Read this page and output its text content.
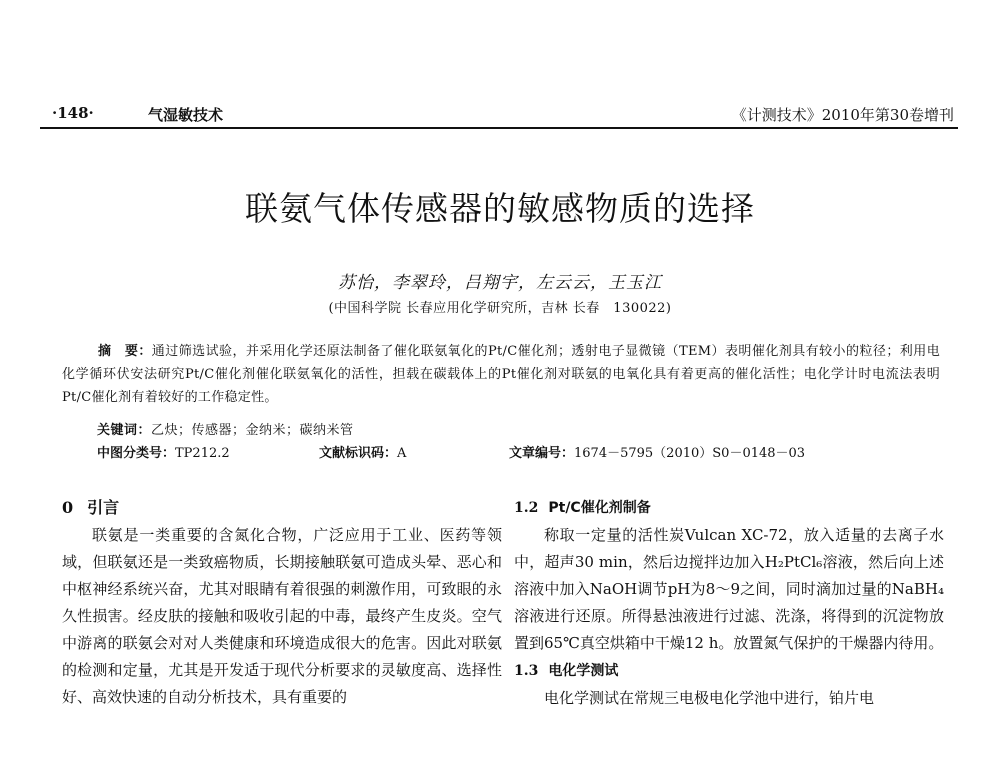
·148·	气湿敏技术	《计测技术》2010年第30卷增刊
联氨气体传感器的敏感物质的选择
苏怡，李翠玲，吕翔宇，左云云，王玉江
(中国科学院 长春应用化学研究所，吉林 长春　130022)
摘　要：通过筛选试验，并采用化学还原法制备了催化联氨氧化的Pt/C催化剂；透射电子显微镜（TEM）表明催化剂具有较小的粒径；利用电化学循环伏安法研究Pt/C催化剂催化联氨氧化的活性，担载在碳载体上的Pt催化剂对联氨的电氧化具有着更高的催化活性；电化学计时电流法表明Pt/C催化剂有着较好的工作稳定性。
关键词：乙炔；传感器；金纳米；碳纳米管
中图分类号：TP212.2	文献标识码：A	文章编号：1674－5795（2010）S0－0148－03
0 引言

联氨是一类重要的含氮化合物，广泛应用于工业、医药等领域，但联氨还是一类致癌物质，长期接触联氨可造成头晕、恶心和中枢神经系统兴奋，尤其对眼睛有着很强的刺激作用，可致眼的永久性损害。经皮肤的接触和吸收引起的中毒，最终产生皮炎。空气中游离的联氨会对对人类健康和环境造成很大的危害。因此对联氨的检测和定量，尤其是开发适于现代分析要求的灵敏度高、选择性好、高效快速的自动分析技术，具有重要的

1.2 Pt/C催化剂制备

称取一定量的活性炭Vulcan XC-72，放入适量的去离子水中，超声30 min，然后边搅拌边加入H₂PtCl₆溶液，然后向上述溶液中加入NaOH调节pH为8～9之间，同时滴加过量的NaBH₄溶液进行还原。所得悬浊液进行过滤、洗涤，将得到的沉淀物放置到65℃真空烘箱中干燥12 h。放置氮气保护的干燥器内待用。

1.3 电化学测试

电化学测试在常规三电极电化学池中进行，铂片电
